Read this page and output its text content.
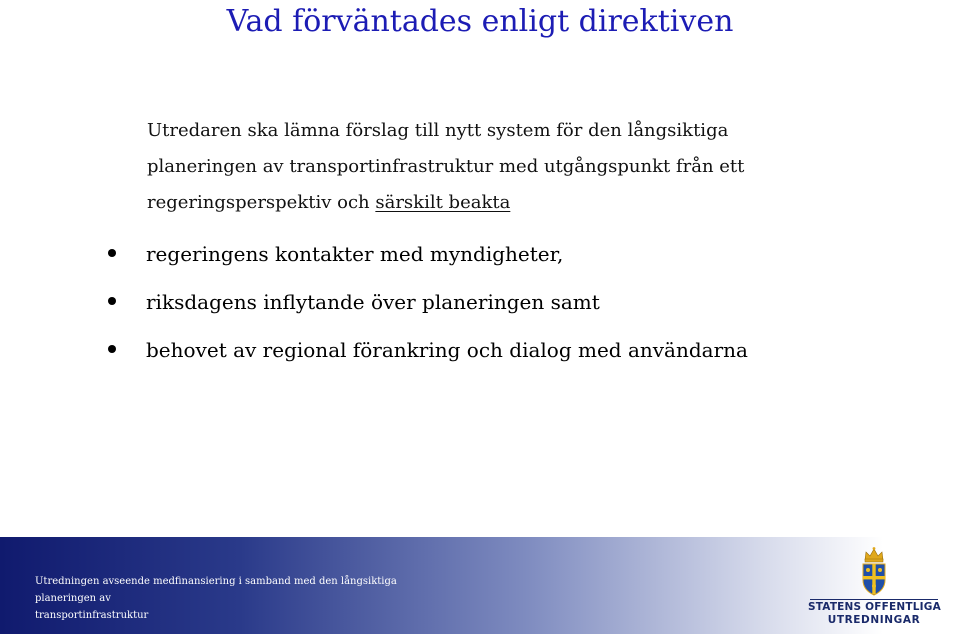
Vad förväntades enligt direktiven
Utredaren ska lämna förslag till nytt system för den långsiktiga
planeringen av transportinfrastruktur med utgångspunkt från ett
regeringsperspektiv och särskilt beakta
regeringens kontakter med myndigheter,
riksdagens inflytande över planeringen samt
behovet av regional förankring och dialog med användarna
Utredningen avseende medfinansiering i samband med den långsiktiga planeringen av
transportinfrastruktur
STATENS OFFENTLIGA
UTREDNINGAR
